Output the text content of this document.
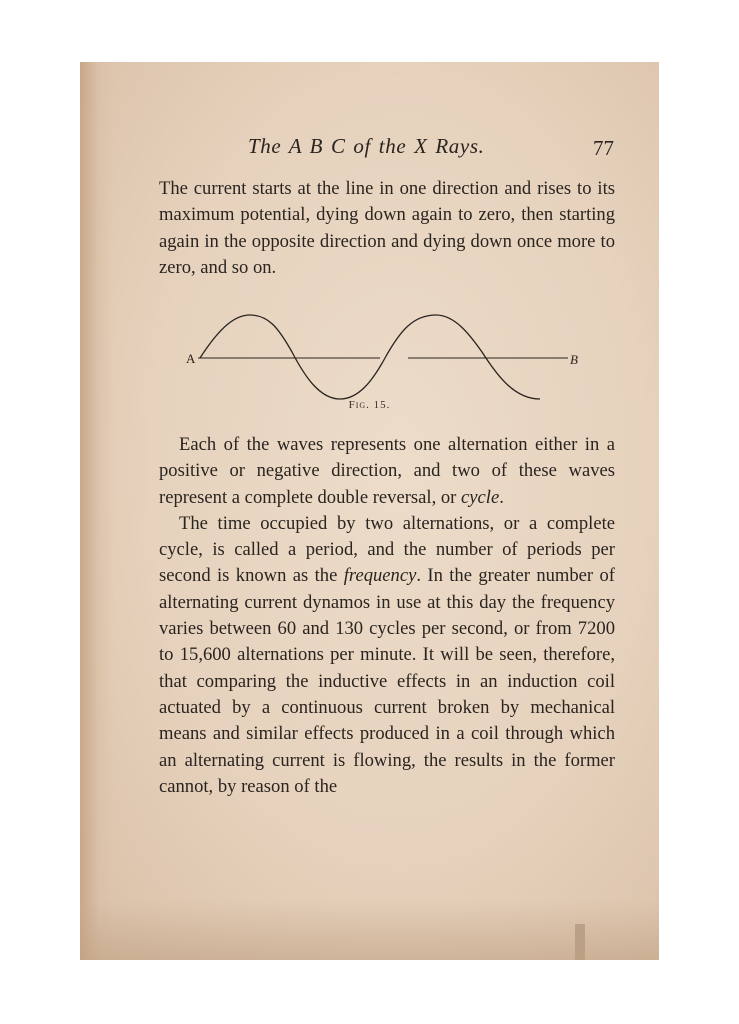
The A B C of the X Rays.	77

The current starts at the line in one direction and rises to its maximum potential, dying down again to zero, then starting again in the opposite direction and dying down once more to zero, and so on.

A	B
Fig. 15.

Each of the waves represents one alternation either in a positive or negative direction, and two of these waves represent a complete double reversal, or cycle.

The time occupied by two alternations, or a complete cycle, is called a period, and the number of periods per second is known as the frequency. In the greater number of alternating current dynamos in use at this day the frequency varies between 60 and 130 cycles per second, or from 7200 to 15,600 alternations per minute. It will be seen, therefore, that comparing the inductive effects in an induction coil actuated by a continuous current broken by mechanical means and similar effects produced in a coil through which an alternating current is flowing, the results in the former cannot, by reason of the
